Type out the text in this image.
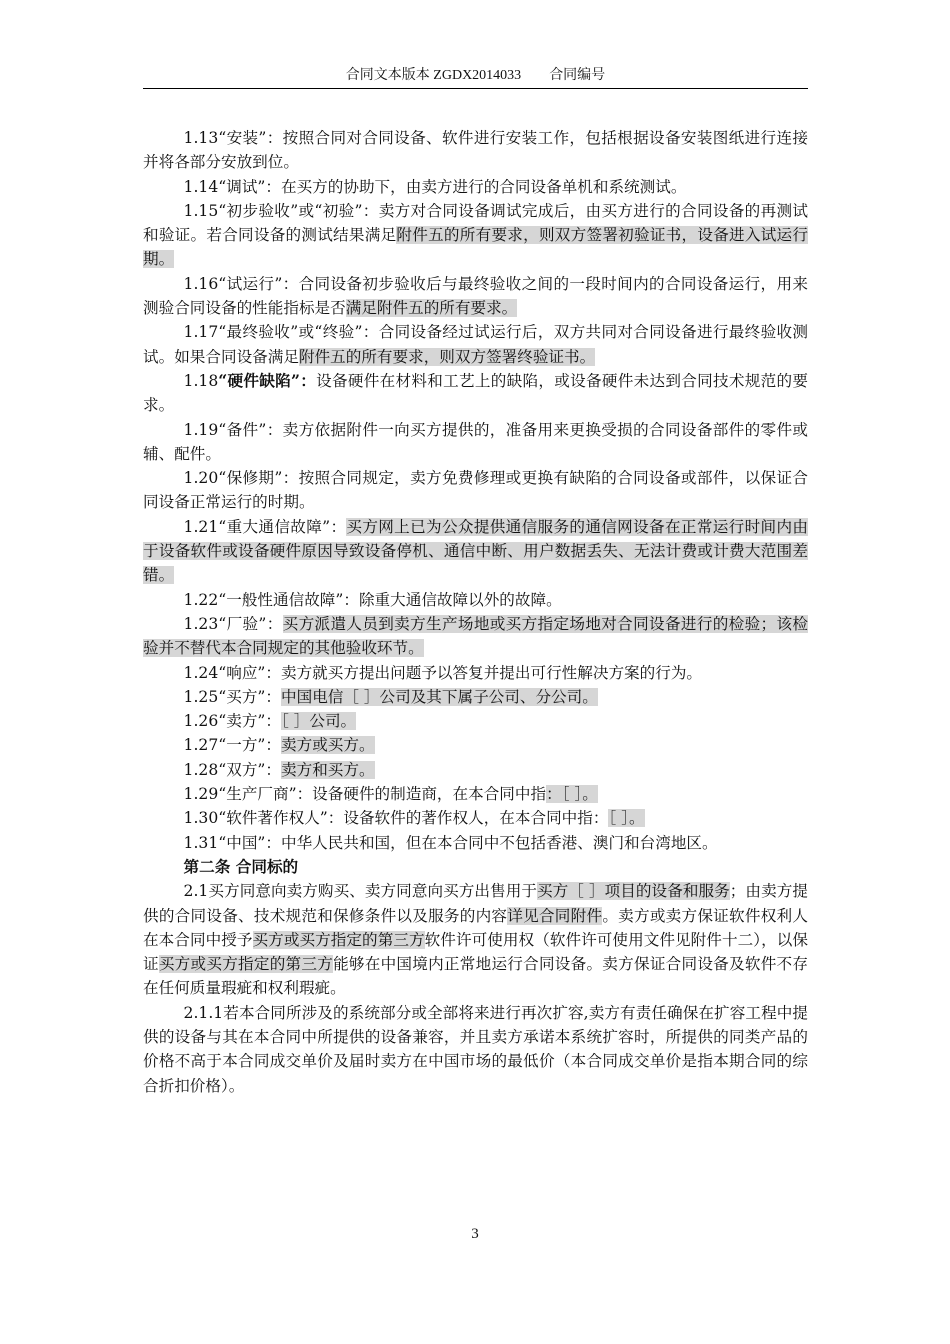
合同文本版本 ZGDX2014033 合同编号

1.13“安装”：按照合同对合同设备、软件进行安装工作，包括根据设备安装图纸进行连接并将各部分安放到位。

1.14“调试”：在买方的协助下，由卖方进行的合同设备单机和系统测试。

1.15“初步验收”或“初验”：卖方对合同设备调试完成后，由买方进行的合同设备的再测试和验证。若合同设备的测试结果满足附件五的所有要求，则双方签署初验证书，设备进入试运行期。

1.16“试运行”：合同设备初步验收后与最终验收之间的一段时间内的合同设备运行，用来测验合同设备的性能指标是否满足附件五的所有要求。

1.17“最终验收”或“终验”：合同设备经过试运行后，双方共同对合同设备进行最终验收测试。如果合同设备满足附件五的所有要求，则双方签署终验证书。

1.18“硬件缺陷”：设备硬件在材料和工艺上的缺陷，或设备硬件未达到合同技术规范的要求。

1.19“备件”：卖方依据附件一向买方提供的，准备用来更换受损的合同设备部件的零件或辅、配件。

1.20“保修期”：按照合同规定，卖方免费修理或更换有缺陷的合同设备或部件，以保证合同设备正常运行的时期。

1.21“重大通信故障”：买方网上已为公众提供通信服务的通信网设备在正常运行时间内由于设备软件或设备硬件原因导致设备停机、通信中断、用户数据丢失、无法计费或计费大范围差错。

1.22“一般性通信故障”：除重大通信故障以外的故障。

1.23“厂验”：买方派遣人员到卖方生产场地或买方指定场地对合同设备进行的检验；该检验并不替代本合同规定的其他验收环节。

1.24“响应”：卖方就买方提出问题予以答复并提出可行性解决方案的行为。

1.25“买方”：中国电信［ ］公司及其下属子公司、分公司。

1.26“卖方”：［ ］公司。

1.27“一方”：卖方或买方。

1.28“双方”：卖方和买方。

1.29“生产厂商”：设备硬件的制造商，在本合同中指：［ ］。

1.30“软件著作权人”：设备软件的著作权人，在本合同中指：［ ］。

1.31“中国”：中华人民共和国，但在本合同中不包括香港、澳门和台湾地区。

第二条 合同标的

2.1买方同意向卖方购买、卖方同意向买方出售用于买方［ ］项目的设备和服务；由卖方提供的合同设备、技术规范和保修条件以及服务的内容详见合同附件。卖方或卖方保证软件权利人在本合同中授予买方或买方指定的第三方软件许可使用权（软件许可使用文件见附件十二），以保证买方或买方指定的第三方能够在中国境内正常地运行合同设备。卖方保证合同设备及软件不存在任何质量瑕疵和权利瑕疵。

2.1.1若本合同所涉及的系统部分或全部将来进行再次扩容,卖方有责任确保在扩容工程中提供的设备与其在本合同中所提供的设备兼容，并且卖方承诺本系统扩容时，所提供的同类产品的价格不高于本合同成交单价及届时卖方在中国市场的最低价（本合同成交单价是指本期合同的综合折扣价格）。

3
